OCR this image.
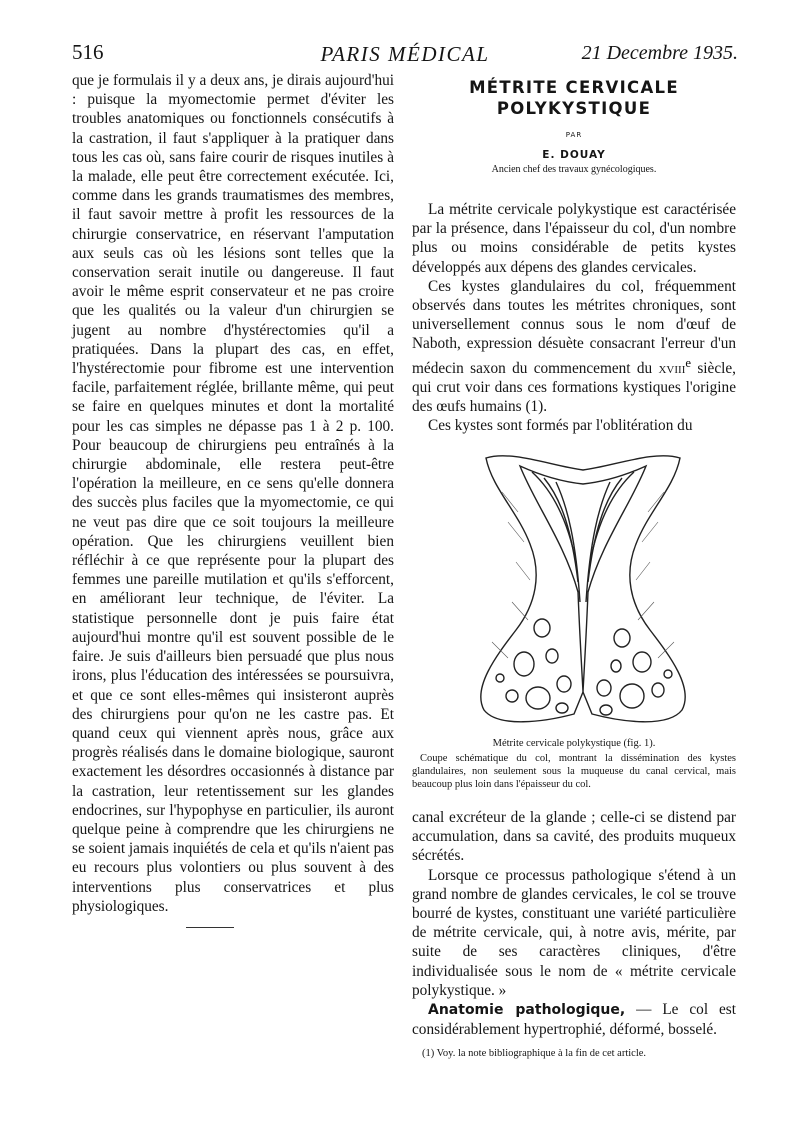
516	PARIS MÉDICAL	21 Decembre 1935.

que je formulais il y a deux ans, je dirais aujourd'hui : puisque la myomectomie permet d'éviter les troubles anatomiques ou fonctionnels consécutifs à la castration, il faut s'appliquer à la pratiquer dans tous les cas où, sans faire courir de risques inutiles à la malade, elle peut être correctement exécutée. Ici, comme dans les grands traumatismes des membres, il faut savoir mettre à profit les ressources de la chirurgie conservatrice, en réservant l'amputation aux seuls cas où les lésions sont telles que la conservation serait inutile ou dangereuse. Il faut avoir le même esprit conservateur et ne pas croire que les qualités ou la valeur d'un chirurgien se jugent au nombre d'hystérectomies qu'il a pratiquées. Dans la plupart des cas, en effet, l'hystérectomie pour fibrome est une intervention facile, parfaitement réglée, brillante même, qui peut se faire en quelques minutes et dont la mortalité pour les cas simples ne dépasse pas 1 à 2 p. 100. Pour beaucoup de chirurgiens peu entraînés à la chirurgie abdominale, elle restera peut-être l'opération la meilleure, en ce sens qu'elle donnera des succès plus faciles que la myomectomie, ce qui ne veut pas dire que ce soit toujours la meilleure opération. Que les chirurgiens veuillent bien réfléchir à ce que représente pour la plupart des femmes une pareille mutilation et qu'ils s'efforcent, en améliorant leur technique, de l'éviter. La statistique personnelle dont je puis faire état aujourd'hui montre qu'il est souvent possible de le faire. Je suis d'ailleurs bien persuadé que plus nous irons, plus l'éducation des intéressées se poursuivra, et que ce sont elles-mêmes qui insisteront auprès des chirurgiens pour qu'on ne les castre pas. Et quand ceux qui viennent après nous, grâce aux progrès réalisés dans le domaine biologique, sauront exactement les désordres occasionnés à distance par la castration, leur retentissement sur les glandes endocrines, sur l'hypophyse en particulier, ils auront quelque peine à comprendre que les chirurgiens ne se soient jamais inquiétés de cela et qu'ils n'aient pas eu recours plus volontiers ou plus souvent à des interventions plus conservatrices et plus physiologiques.

MÉTRITE CERVICALE
POLYKYSTIQUE
PAR
E. DOUAY
Ancien chef des travaux gynécologiques.

La métrite cervicale polykystique est caractérisée par la présence, dans l'épaisseur du col, d'un nombre plus ou moins considérable de petits kystes développés aux dépens des glandes cervicales.

Ces kystes glandulaires du col, fréquemment observés dans toutes les métrites chroniques, sont universellement connus sous le nom d'œuf de Naboth, expression désuète consacrant l'erreur d'un médecin saxon du commencement du xviii$^e$ siècle, qui crut voir dans ces formations kystiques l'origine des œufs humains (1).

Ces kystes sont formés par l'oblitération du

Métrite cervicale polykystique (fig. 1).
Coupe schématique du col, montrant la dissémination des kystes glandulaires, non seulement sous la muqueuse du canal cervical, mais beaucoup plus loin dans l'épaisseur du col.

canal excréteur de la glande ; celle-ci se distend par accumulation, dans sa cavité, des produits muqueux sécrétés.

Lorsque ce processus pathologique s'étend à un grand nombre de glandes cervicales, le col se trouve bourré de kystes, constituant une variété particulière de métrite cervicale, qui, à notre avis, mérite, par suite de ses caractères cliniques, d'être individualisée sous le nom de « métrite cervicale polykystique. »

Anatomie pathologique, — Le col est considérablement hypertrophié, déformé, bosselé.

(1) Voy. la note bibliographique à la fin de cet article.
